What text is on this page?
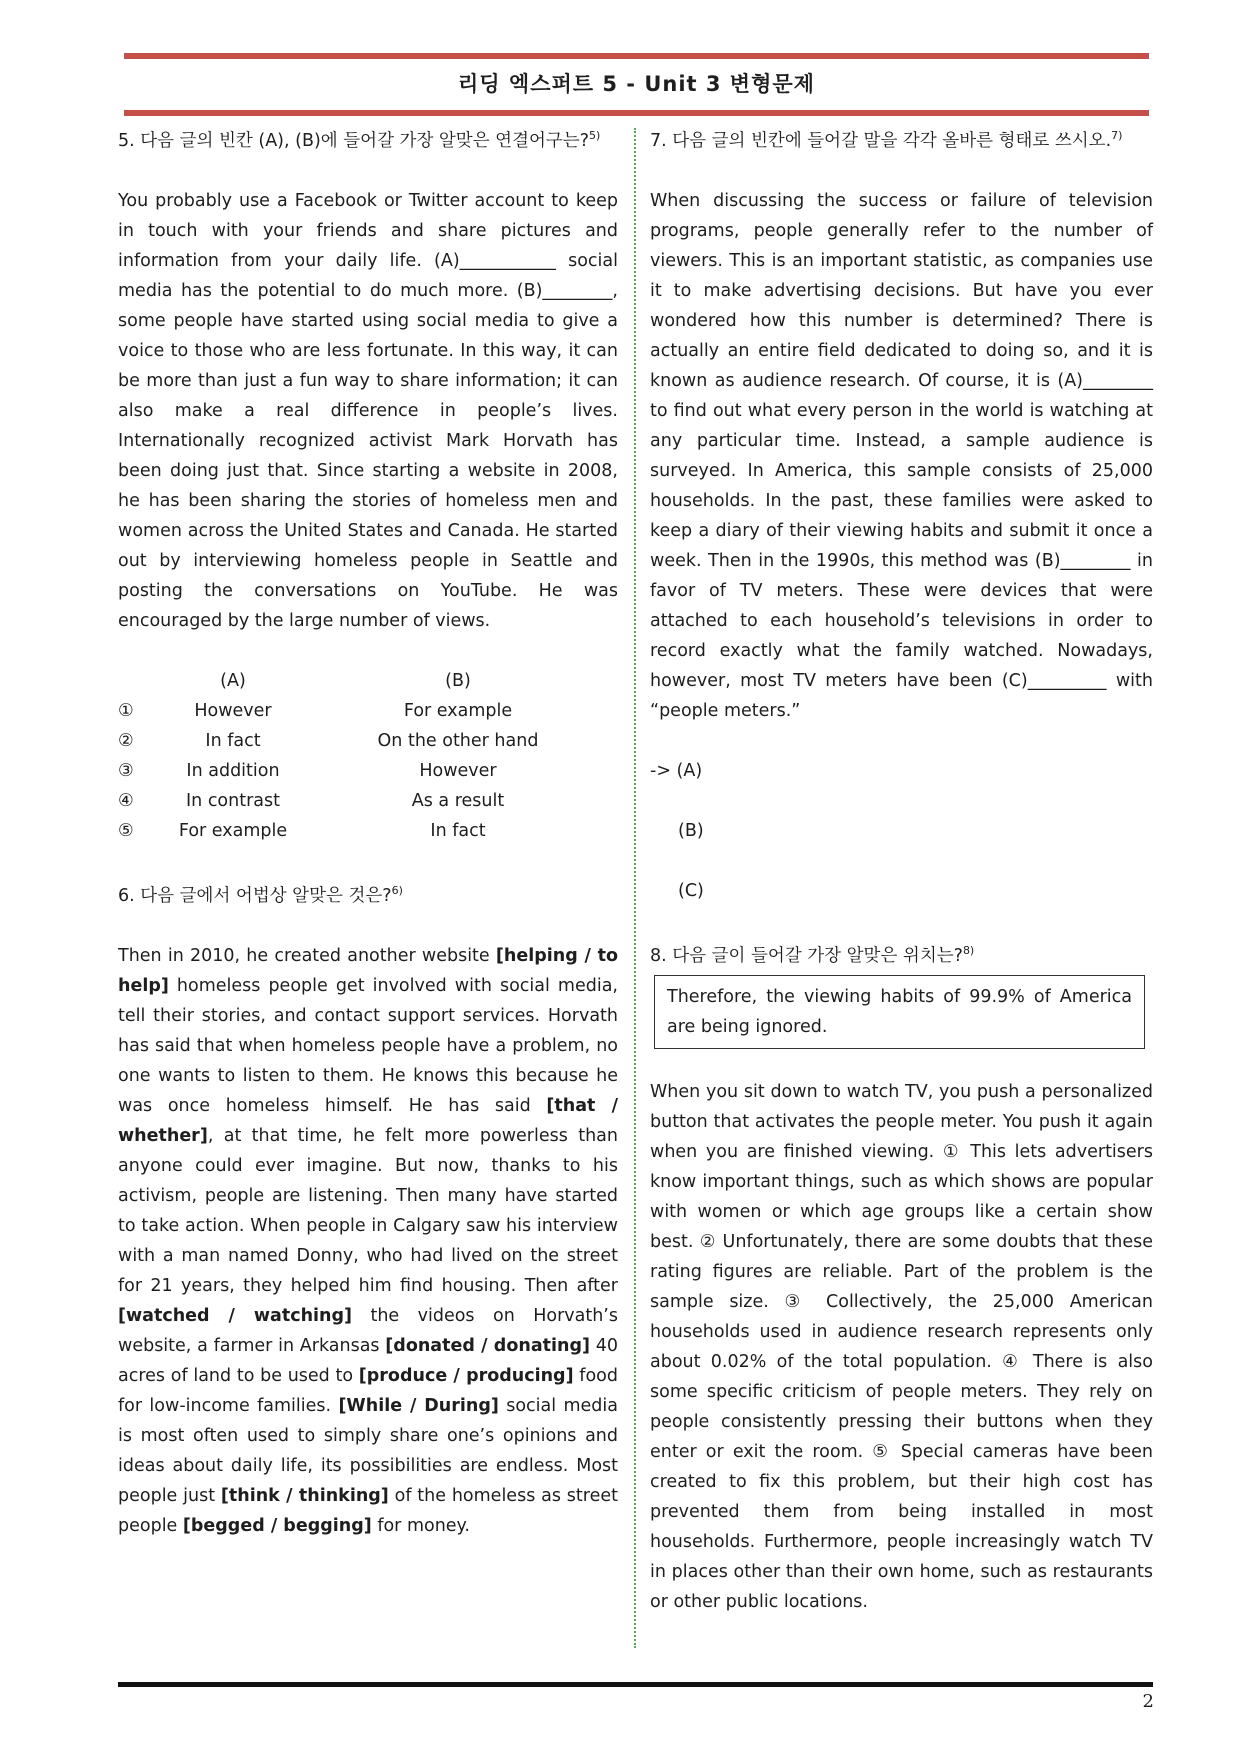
리딩 엑스퍼트 5 - Unit 3 변형문제
5. 다음 글의 빈칸 (A), (B)에 들어갈 가장 알맞은 연결어구는?$^{5)}$
You probably use a Facebook or Twitter account to keep in touch with your friends and share pictures and information from your daily life. (A)___________ social media has the potential to do much more. (B)________, some people have started using social media to give a voice to those who are less fortunate. In this way, it can be more than just a fun way to share information; it can also make a real difference in people’s lives. Internationally recognized activist Mark Horvath has been doing just that. Since starting a website in 2008, he has been sharing the stories of homeless men and women across the United States and Canada. He started out by interviewing homeless people in Seattle and posting the conversations on YouTube. He was encouraged by the large number of views.
(A)	(B)
①	However	For example
②	In fact	On the other hand
③	In addition	However
④	In contrast	As a result
⑤	For example	In fact
6. 다음 글에서 어법상 알맞은 것은?$^{6)}$
Then in 2010, he created another website [helping / to help] homeless people get involved with social media, tell their stories, and contact support services. Horvath has said that when homeless people have a problem, no one wants to listen to them. He knows this because he was once homeless himself. He has said [that / whether], at that time, he felt more powerless than anyone could ever imagine. But now, thanks to his activism, people are listening. Then many have started to take action. When people in Calgary saw his interview with a man named Donny, who had lived on the street for 21 years, they helped him find housing. Then after [watched / watching] the videos on Horvath’s website, a farmer in Arkansas [donated / donating] 40 acres of land to be used to [produce / producing] food for low-income families. [While / During] social media is most often used to simply share one’s opinions and ideas about daily life, its possibilities are endless. Most people just [think / thinking] of the homeless as street people [begged / begging] for money.
7. 다음 글의 빈칸에 들어갈 말을 각각 올바른 형태로 쓰시오.$^{7)}$
When discussing the success or failure of television programs, people generally refer to the number of viewers. This is an important statistic, as companies use it to make advertising decisions. But have you ever wondered how this number is determined? There is actually an entire field dedicated to doing so, and it is known as audience research. Of course, it is (A)________ to find out what every person in the world is watching at any particular time. Instead, a sample audience is surveyed. In America, this sample consists of 25,000 households. In the past, these families were asked to keep a diary of their viewing habits and submit it once a week. Then in the 1990s, this method was (B)________ in favor of TV meters. These were devices that were attached to each household’s televisions in order to record exactly what the family watched. Nowadays, however, most TV meters have been (C)_________ with “people meters.”
-> (A)
(B)
(C)
8. 다음 글이 들어갈 가장 알맞은 위치는?$^{8)}$
Therefore, the viewing habits of 99.9% of America are being ignored.
When you sit down to watch TV, you push a personalized button that activates the people meter. You push it again when you are finished viewing. ① This lets advertisers know important things, such as which shows are popular with women or which age groups like a certain show best. ② Unfortunately, there are some doubts that these rating figures are reliable. Part of the problem is the sample size. ③ Collectively, the 25,000 American households used in audience research represents only about 0.02% of the total population. ④ There is also some specific criticism of people meters. They rely on people consistently pressing their buttons when they enter or exit the room. ⑤ Special cameras have been created to fix this problem, but their high cost has prevented them from being installed in most households. Furthermore, people increasingly watch TV in places other than their own home, such as restaurants or other public locations.
2
